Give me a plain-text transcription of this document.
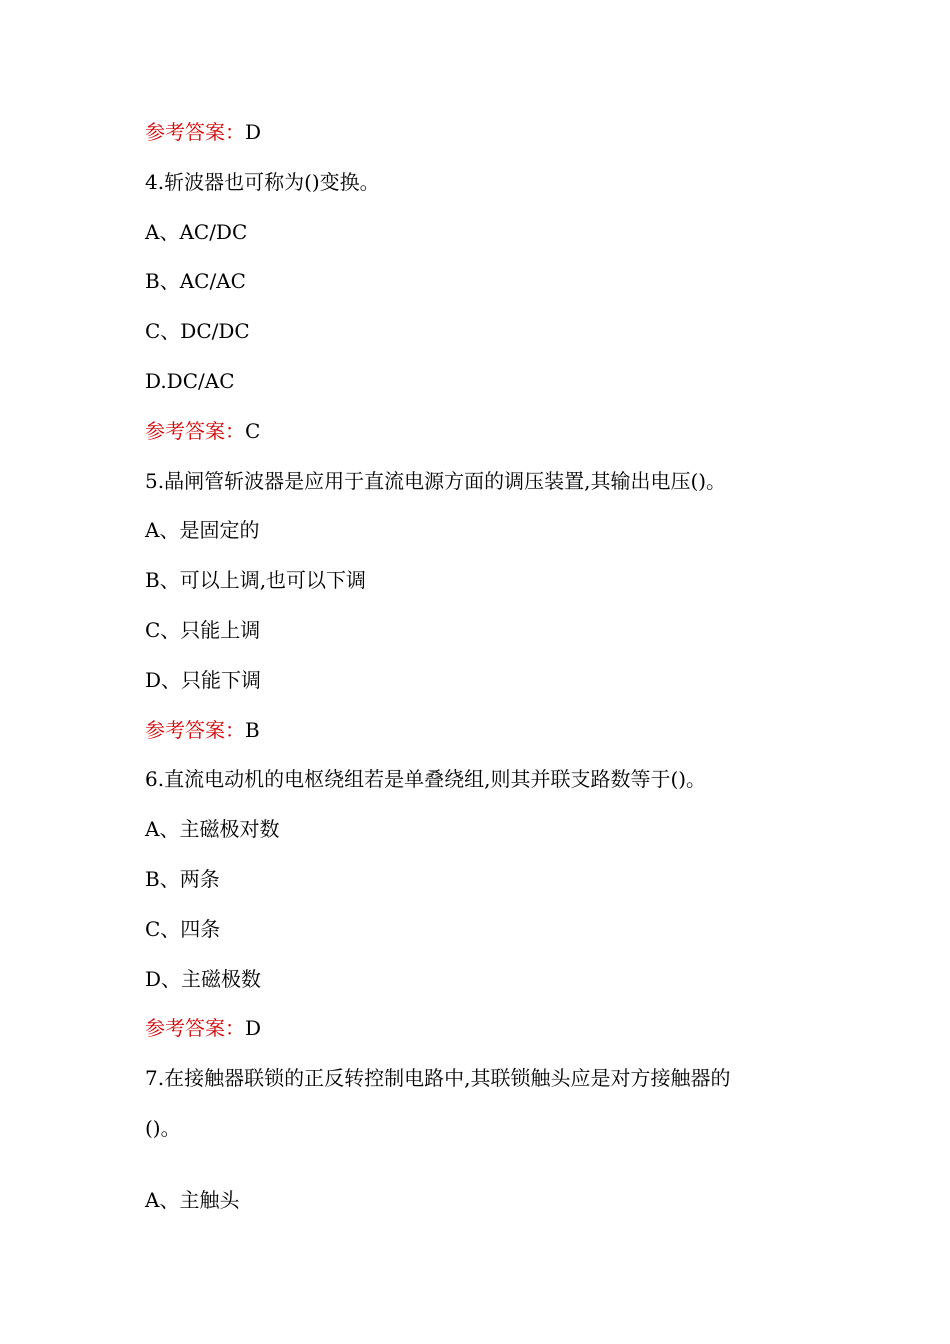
参考答案：D
4.斩波器也可称为()变换。
A、AC/DC
B、AC/AC
C、DC/DC
D.DC/AC
参考答案：C
5.晶闸管斩波器是应用于直流电源方面的调压装置,其输出电压()。
A、是固定的
B、可以上调,也可以下调
C、只能上调
D、只能下调
参考答案：B
6.直流电动机的电枢绕组若是单叠绕组,则其并联支路数等于()。
A、主磁极对数
B、两条
C、四条
D、主磁极数
参考答案：D
7.在接触器联锁的正反转控制电路中,其联锁触头应是对方接触器的
()。
A、主触头
